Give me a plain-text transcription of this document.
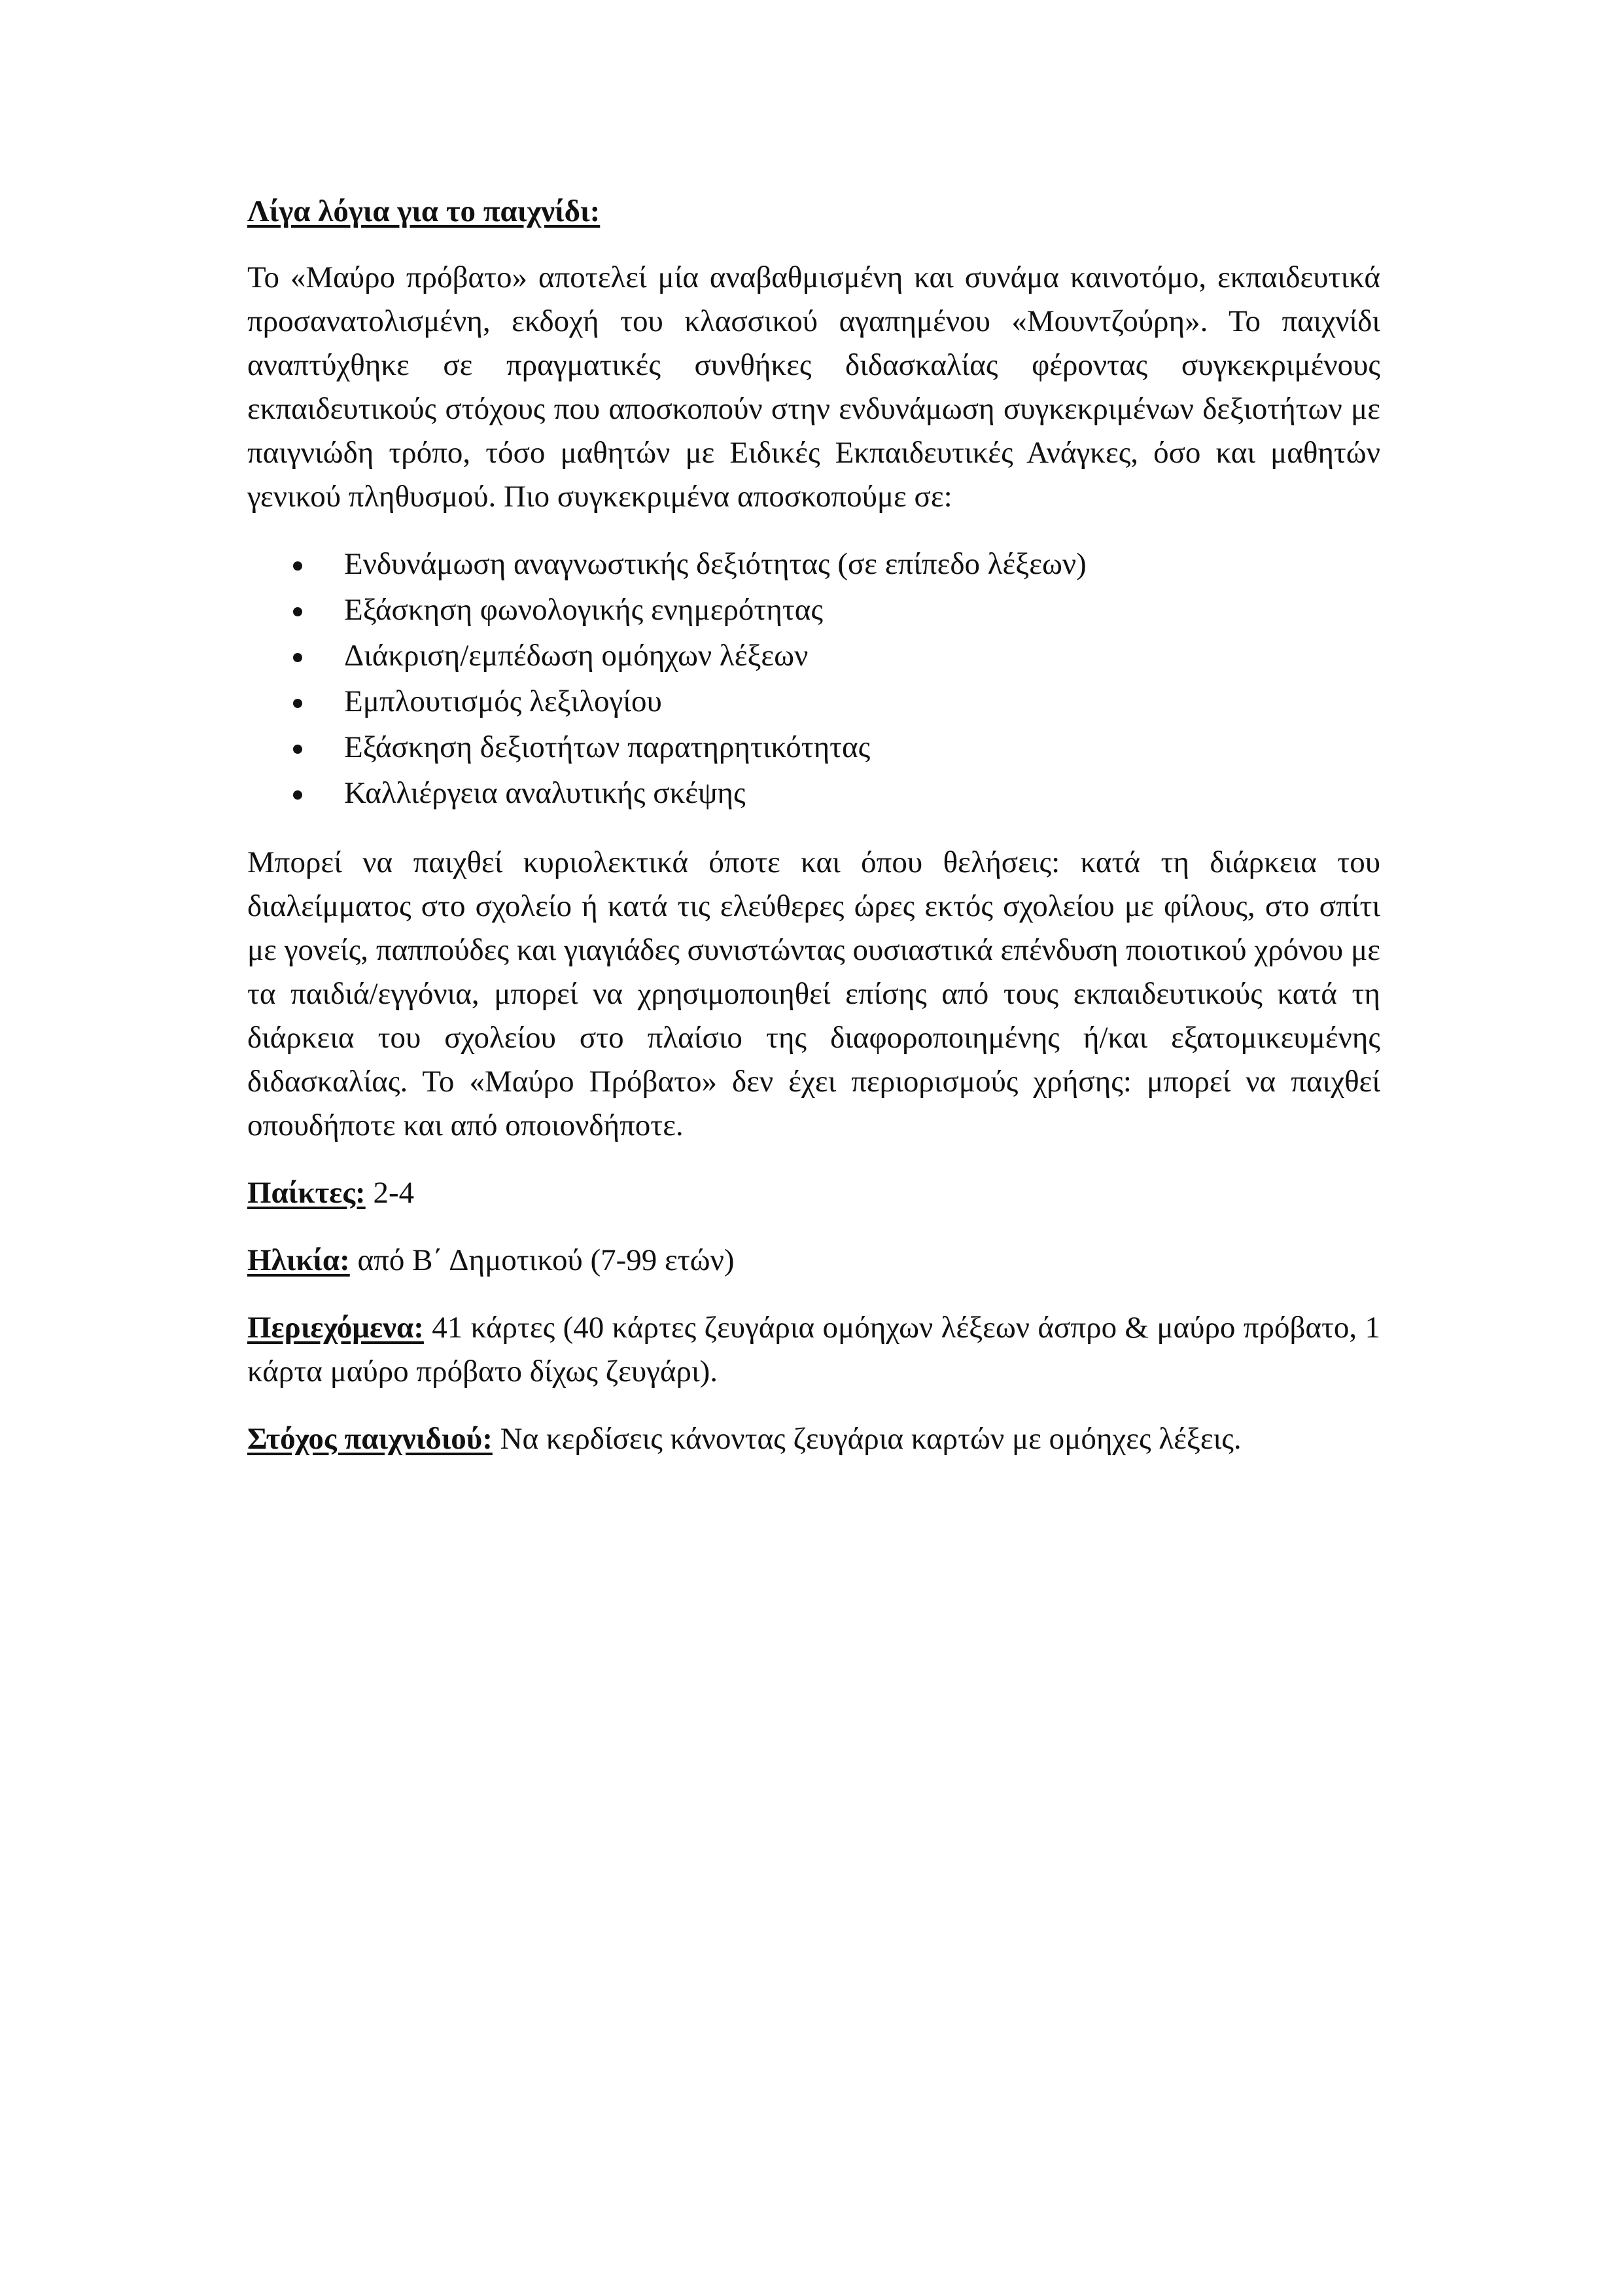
Λίγα λόγια για το παιχνίδι:

Το «Μαύρο πρόβατο» αποτελεί μία αναβαθμισμένη και συνάμα καινοτόμο, εκπαιδευτικά προσανατολισμένη, εκδοχή του κλασσικού αγαπημένου «Μουντζούρη». Το παιχνίδι αναπτύχθηκε σε πραγματικές συνθήκες διδασκαλίας φέροντας συγκεκριμένους εκπαιδευτικούς στόχους που αποσκοπούν στην ενδυνάμωση συγκεκριμένων δεξιοτήτων με παιγνιώδη τρόπο, τόσο μαθητών με Ειδικές Εκπαιδευτικές Ανάγκες, όσο και μαθητών γενικού πληθυσμού. Πιο συγκεκριμένα αποσκοπούμε σε:

Ενδυνάμωση αναγνωστικής δεξιότητας (σε επίπεδο λέξεων)
Εξάσκηση φωνολογικής ενημερότητας
Διάκριση/εμπέδωση ομόηχων λέξεων
Εμπλουτισμός λεξιλογίου
Εξάσκηση δεξιοτήτων παρατηρητικότητας
Καλλιέργεια αναλυτικής σκέψης

Μπορεί να παιχθεί κυριολεκτικά όποτε και όπου θελήσεις: κατά τη διάρκεια του διαλείμματος στο σχολείο ή κατά τις ελεύθερες ώρες εκτός σχολείου με φίλους, στο σπίτι με γονείς, παππούδες και γιαγιάδες συνιστώντας ουσιαστικά επένδυση ποιοτικού χρόνου με τα παιδιά/εγγόνια, μπορεί να χρησιμοποιηθεί επίσης από τους εκπαιδευτικούς κατά τη διάρκεια του σχολείου στο πλαίσιο της διαφοροποιημένης ή/και εξατομικευμένης διδασκαλίας. Το «Μαύρο Πρόβατο» δεν έχει περιορισμούς χρήσης: μπορεί να παιχθεί οπουδήποτε και από οποιονδήποτε.

Παίκτες: 2-4

Ηλικία: από Β΄ Δημοτικού (7-99 ετών)

Περιεχόμενα: 41 κάρτες (40 κάρτες ζευγάρια ομόηχων λέξεων άσπρο & μαύρο πρόβατο, 1 κάρτα μαύρο πρόβατο δίχως ζευγάρι).

Στόχος παιχνιδιού: Να κερδίσεις κάνοντας ζευγάρια καρτών με ομόηχες λέξεις.
